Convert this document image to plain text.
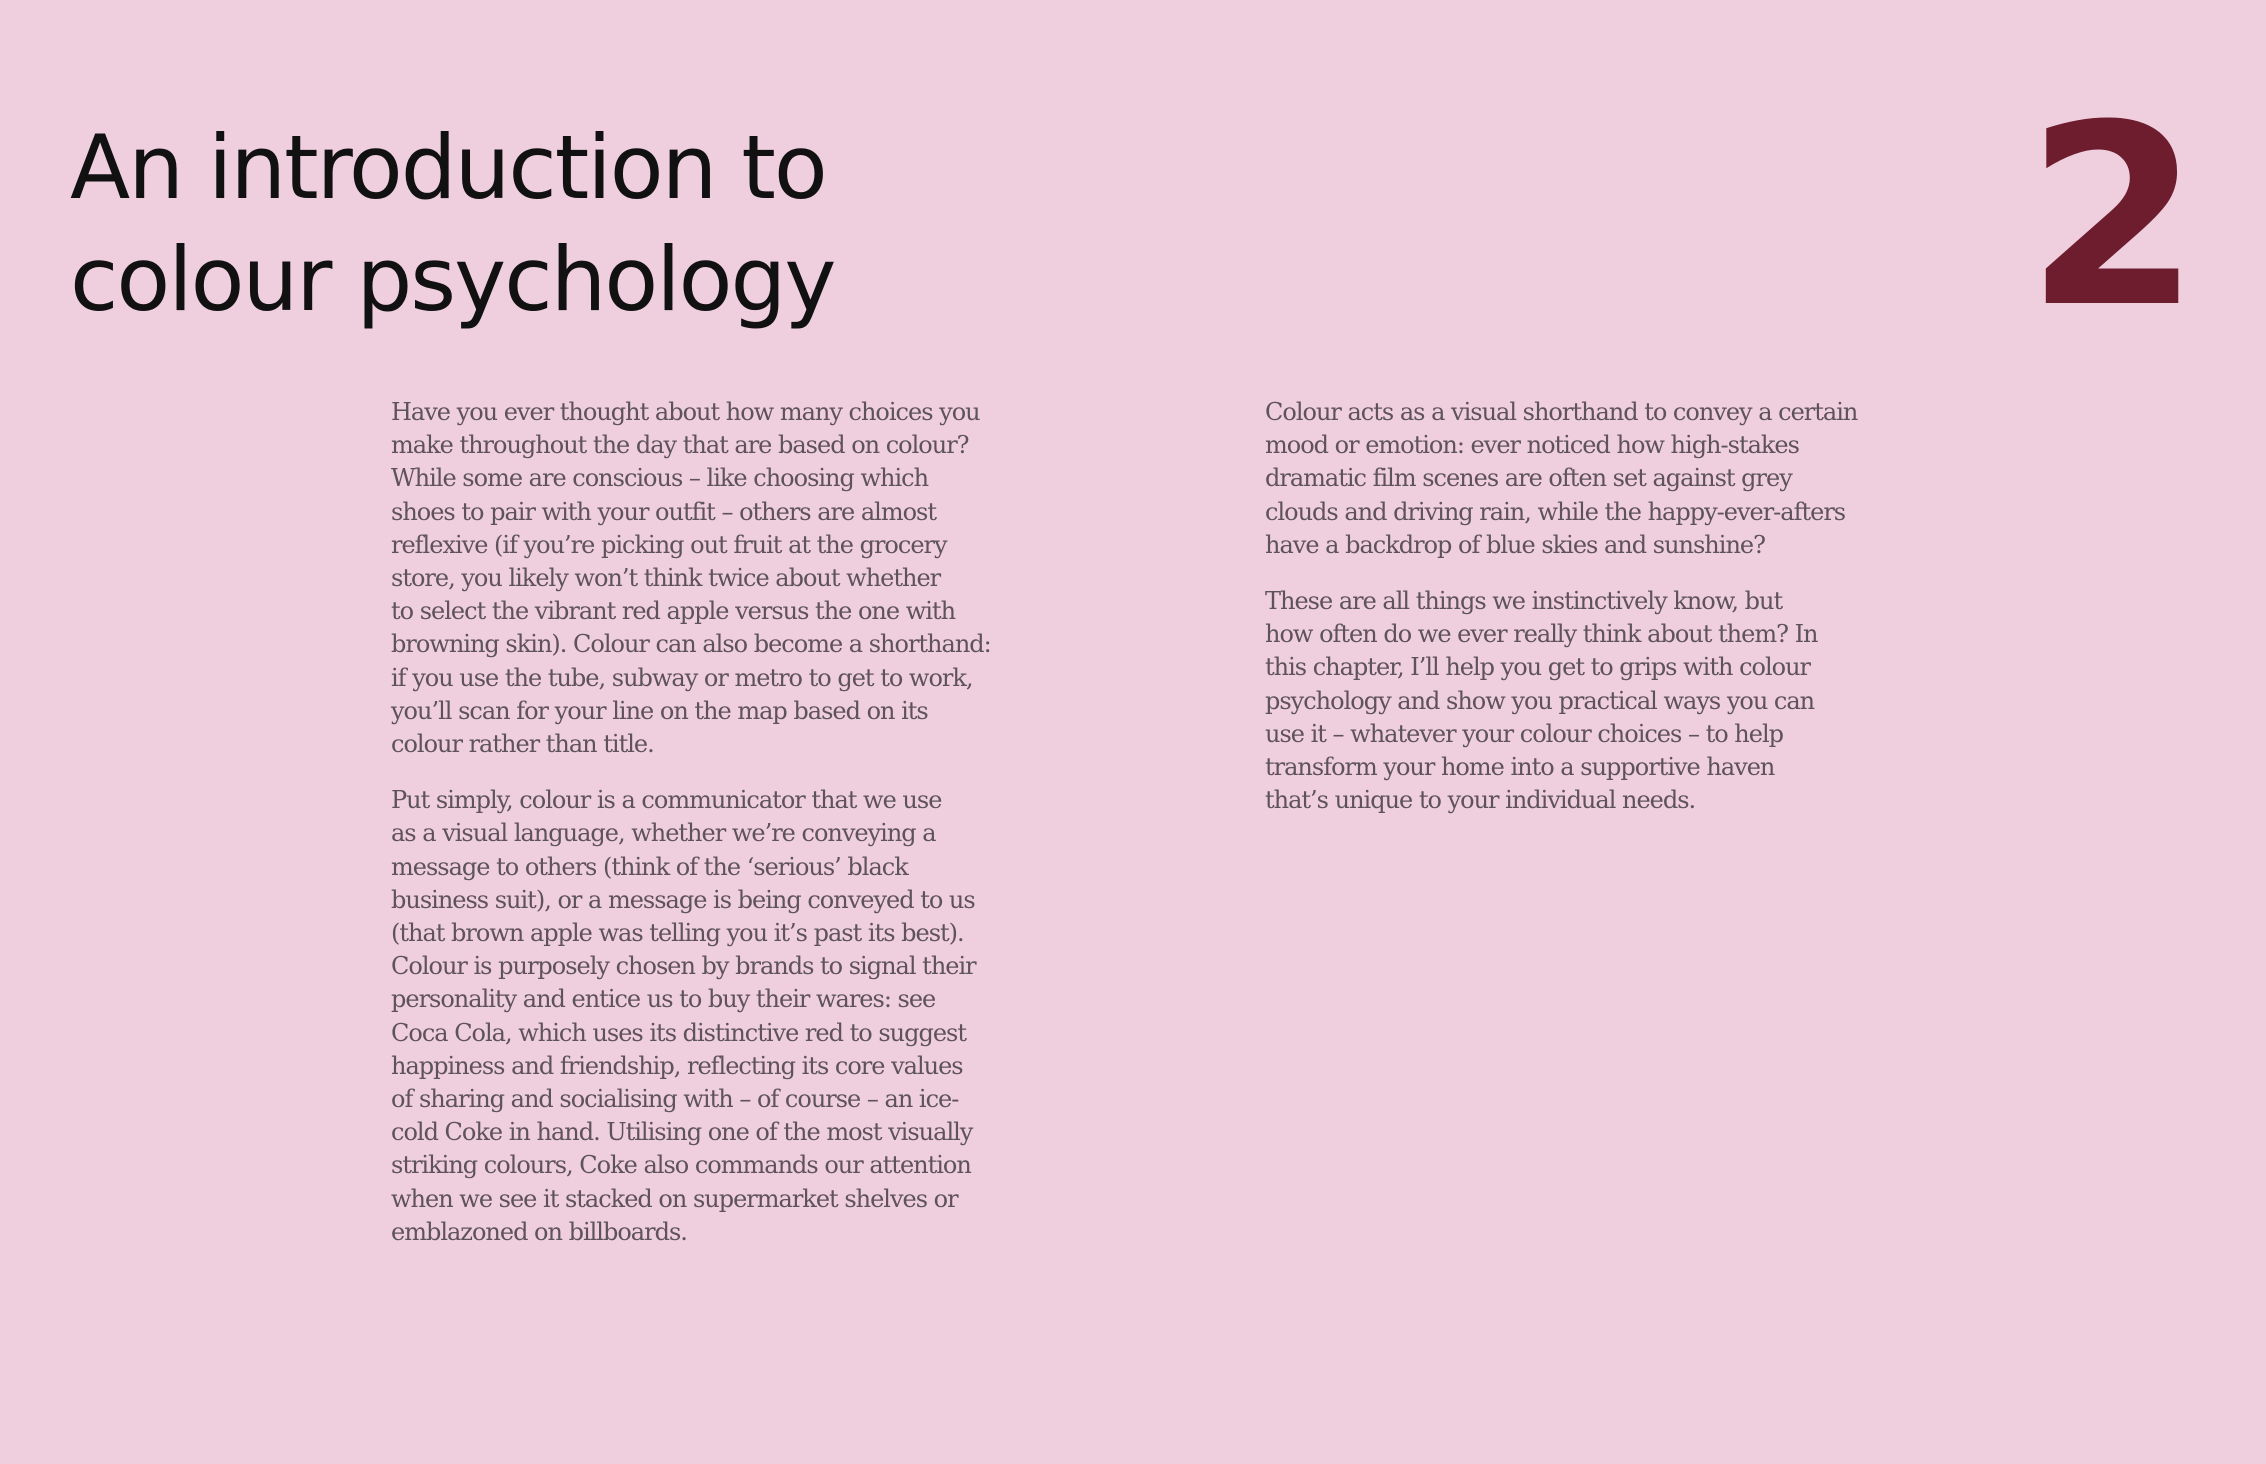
An introduction to
colour psychology	2

Have you ever thought about how many choices you
make throughout the day that are based on colour?
While some are conscious – like choosing which
shoes to pair with your outfit – others are almost
reflexive (if you’re picking out fruit at the grocery
store, you likely won’t think twice about whether
to select the vibrant red apple versus the one with
browning skin). Colour can also become a shorthand:
if you use the tube, subway or metro to get to work,
you’ll scan for your line on the map based on its
colour rather than title.

Put simply, colour is a communicator that we use
as a visual language, whether we’re conveying a
message to others (think of the ‘serious’ black
business suit), or a message is being conveyed to us
(that brown apple was telling you it’s past its best).
Colour is purposely chosen by brands to signal their
personality and entice us to buy their wares: see
Coca Cola, which uses its distinctive red to suggest
happiness and friendship, reflecting its core values
of sharing and socialising with – of course – an ice-
cold Coke in hand. Utilising one of the most visually
striking colours, Coke also commands our attention
when we see it stacked on supermarket shelves or
emblazoned on billboards.

Colour acts as a visual shorthand to convey a certain
mood or emotion: ever noticed how high-stakes
dramatic film scenes are often set against grey
clouds and driving rain, while the happy-ever-afters
have a backdrop of blue skies and sunshine?

These are all things we instinctively know, but
how often do we ever really think about them? In
this chapter, I’ll help you get to grips with colour
psychology and show you practical ways you can
use it – whatever your colour choices – to help
transform your home into a supportive haven
that’s unique to your individual needs.
